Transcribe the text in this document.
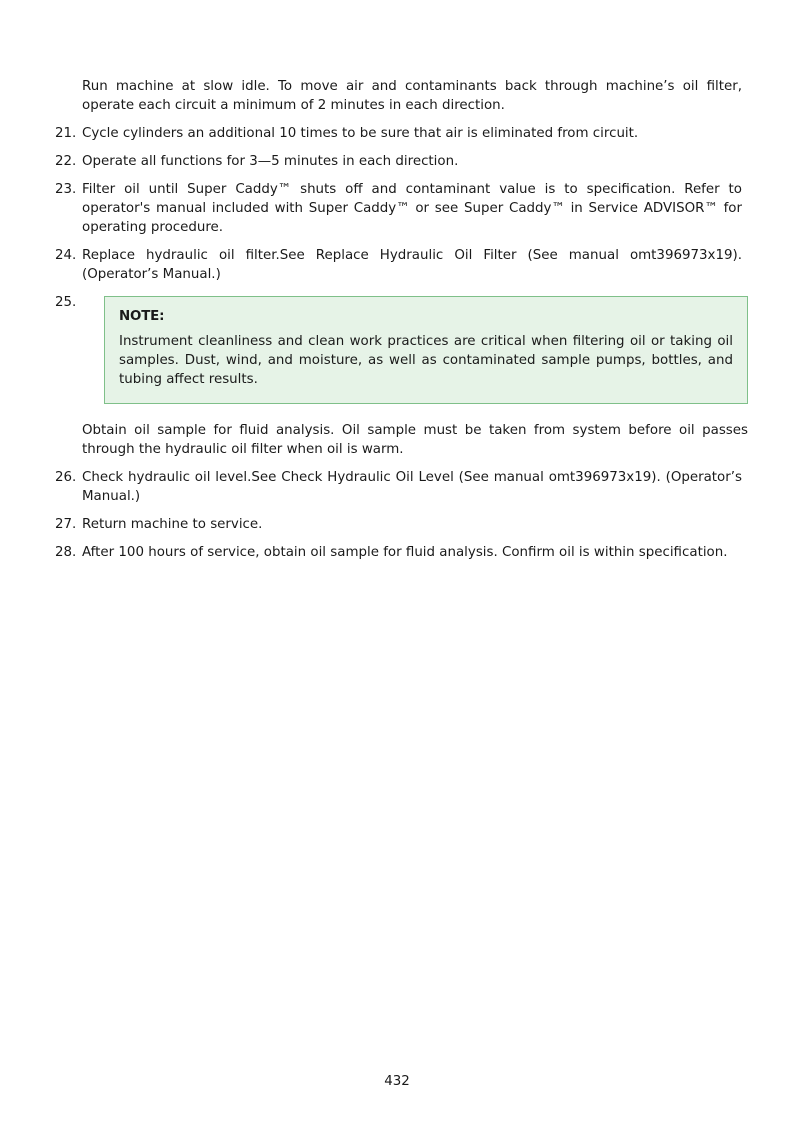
Run machine at slow idle. To move air and contaminants back through machine’s oil filter, operate each circuit a minimum of 2 minutes in each direction.

21. Cycle cylinders an additional 10 times to be sure that air is eliminated from circuit.
22. Operate all functions for 3—5 minutes in each direction.
23. Filter oil until Super Caddy™ shuts off and contaminant value is to specification. Refer to operator's manual included with Super Caddy™ or see Super Caddy™ in Service ADVISOR™ for operating procedure.
24. Replace hydraulic oil filter.See Replace Hydraulic Oil Filter (See manual omt396973x19). (Operator’s Manual.)
25.
NOTE:
Instrument cleanliness and clean work practices are critical when filtering oil or taking oil samples. Dust, wind, and moisture, as well as contaminated sample pumps, bottles, and tubing affect results.
Obtain oil sample for fluid analysis. Oil sample must be taken from system before oil passes through the hydraulic oil filter when oil is warm.
26. Check hydraulic oil level.See Check Hydraulic Oil Level (See manual omt396973x19). (Operator’s Manual.)
27. Return machine to service.
28. After 100 hours of service, obtain oil sample for fluid analysis. Confirm oil is within specification.
432
